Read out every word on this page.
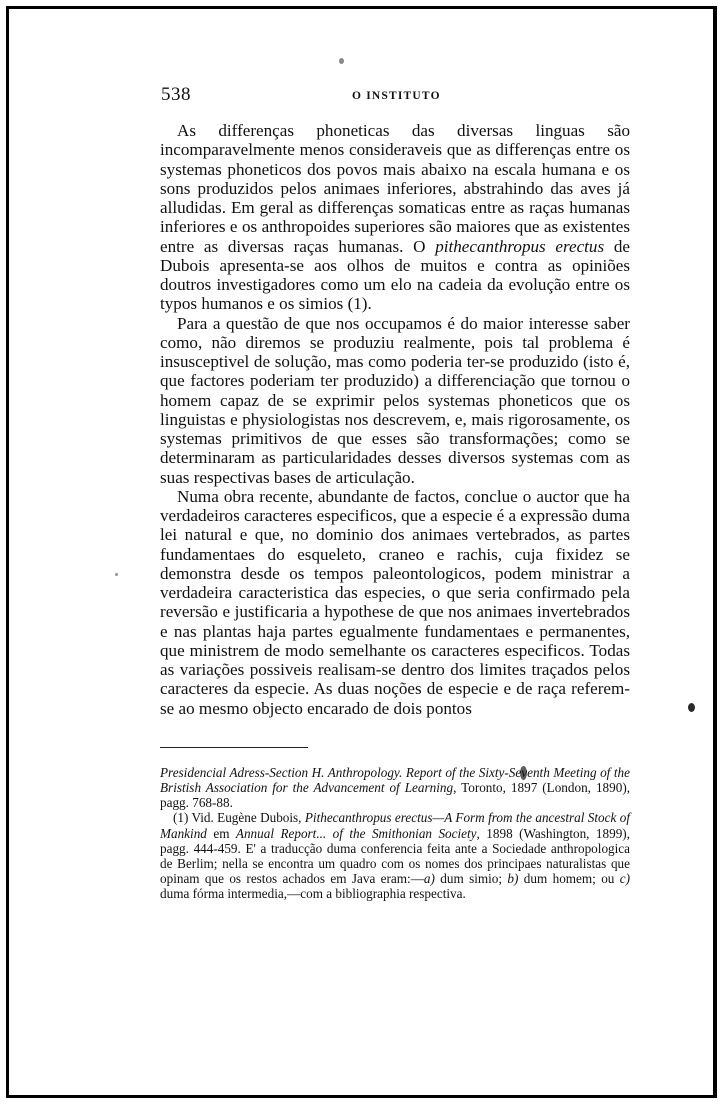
538	O INSTITUTO

As differenças phoneticas das diversas linguas são incomparavelmente menos consideraveis que as differenças entre os systemas phoneticos dos povos mais abaixo na escala humana e os sons produzidos pelos animaes inferiores, abstrahindo das aves já alludidas. Em geral as differenças somaticas entre as raças humanas inferiores e os anthropoides superiores são maiores que as existentes entre as diversas raças humanas. O pithecanthropus erectus de Dubois apresenta-se aos olhos de muitos e contra as opiniões doutros investigadores como um elo na cadeia da evolução entre os typos humanos e os simios (1).

Para a questão de que nos occupamos é do maior interesse saber como, não diremos se produziu realmente, pois tal problema é insusceptivel de solução, mas como poderia ter-se produzido (isto é, que factores poderiam ter produzido) a differenciação que tornou o homem capaz de se exprimir pelos systemas phoneticos que os linguistas e physiologistas nos descrevem, e, mais rigorosamente, os systemas primitivos de que esses são transformações; como se determinaram as particularidades desses diversos systemas com as suas respectivas bases de articulação.

Numa obra recente, abundante de factos, conclue o auctor que ha verdadeiros caracteres especificos, que a especie é a expressão duma lei natural e que, no dominio dos animaes vertebrados, as partes fundamentaes do esqueleto, craneo e rachis, cuja fixidez se demonstra desde os tempos paleontologicos, podem ministrar a verdadeira caracteristica das especies, o que seria confirmado pela reversão e justificaria a hypothese de que nos animaes invertebrados e nas plantas haja partes egualmente fundamentaes e permanentes, que ministrem de modo semelhante os caracteres especificos. Todas as variações possiveis realisam-se dentro dos limites traçados pelos caracteres da especie. As duas noções de especie e de raça referem-se ao mesmo objecto encarado de dois pontos

Presidencial Adress-Section H. Anthropology. Report of the Sixty-Seventh Meeting of the Bristish Association for the Advancement of Learning, Toronto, 1897 (London, 1890), pagg. 768-88.

(1) Vid. Eugène Dubois, Pithecanthropus erectus—A Form from the ancestral Stock of Mankind em Annual Report... of the Smithonian Society, 1898 (Washington, 1899), pagg. 444-459. E' a traducção duma conferencia feita ante a Sociedade anthropologica de Berlim; nella se encontra um quadro com os nomes dos principaes naturalistas que opinam que os restos achados em Java eram:—a) dum simio; b) dum homem; ou c) duma fórma intermedia,—com a bibliographia respectiva.
